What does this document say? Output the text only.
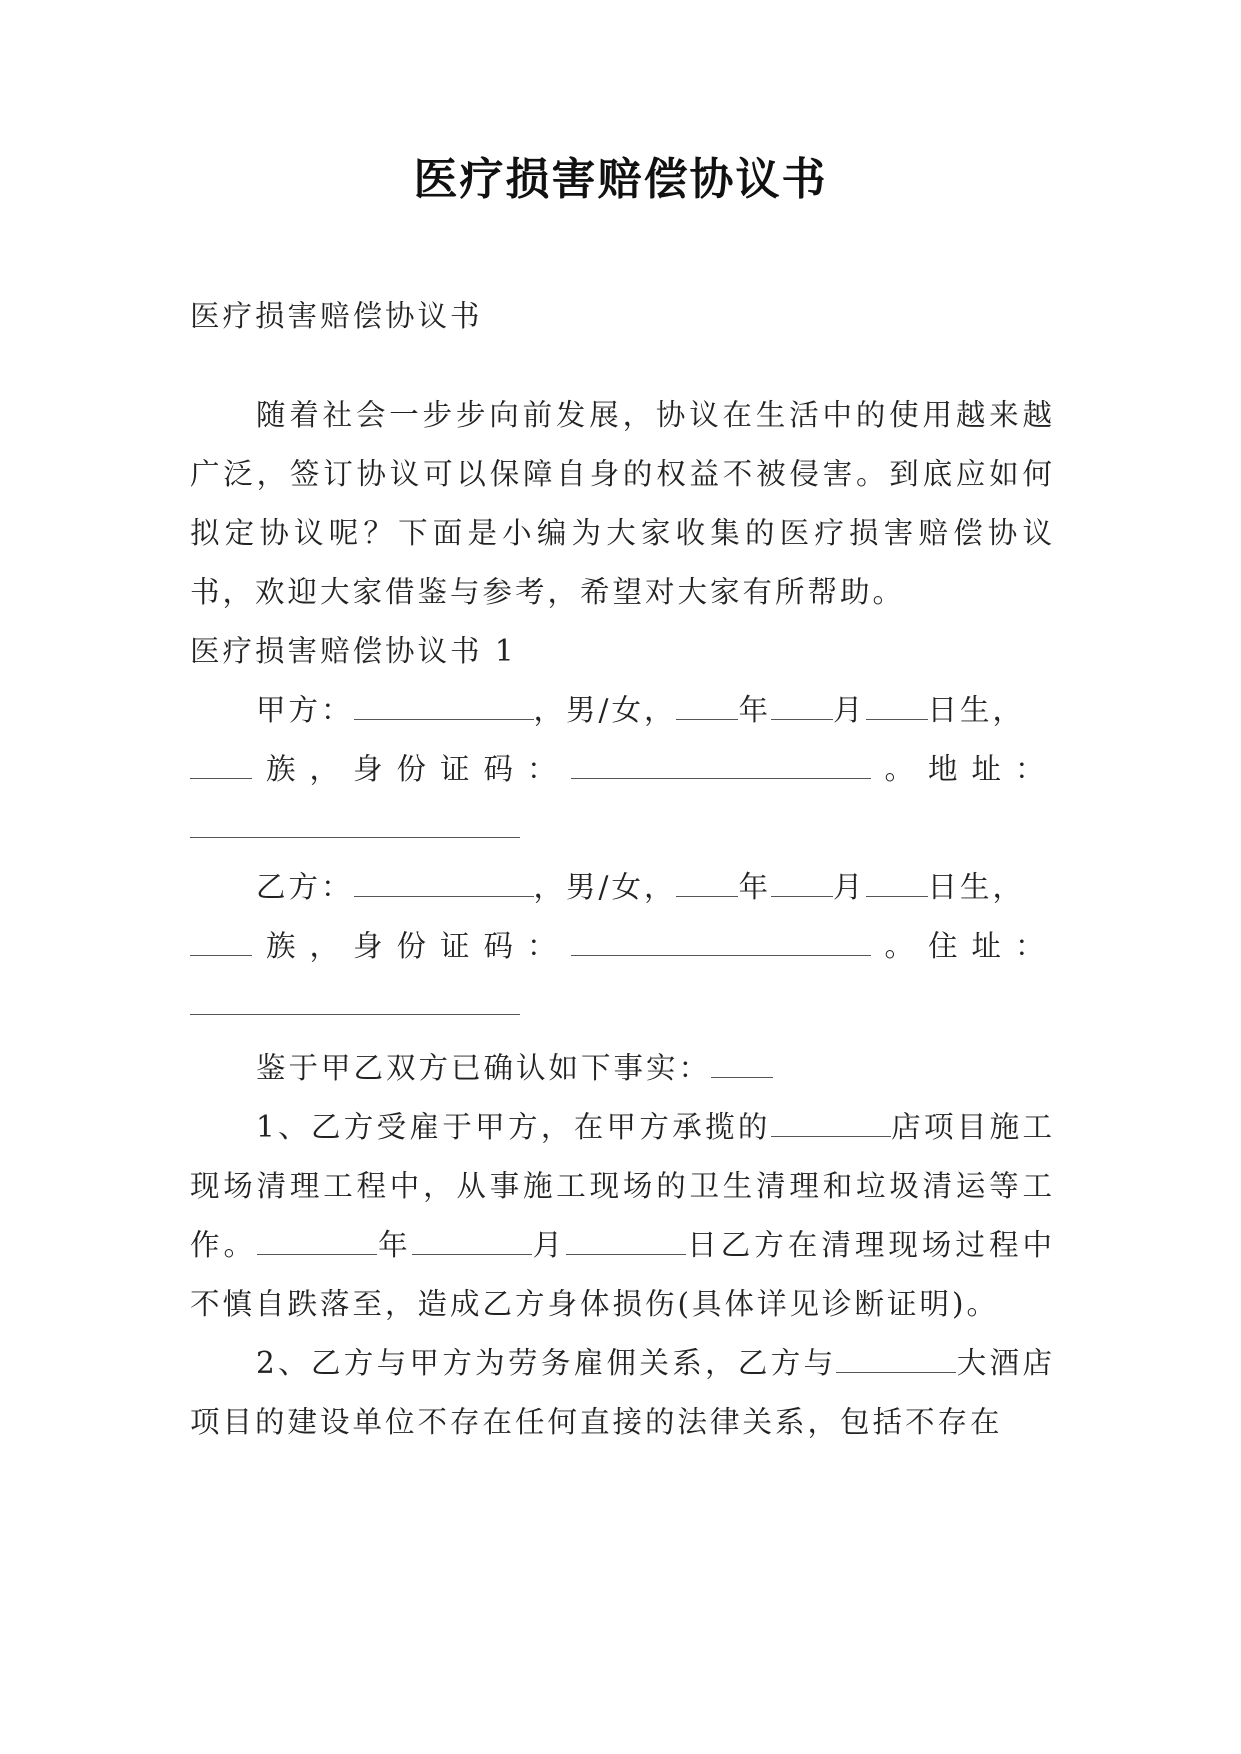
医疗损害赔偿协议书

医疗损害赔偿协议书

随着社会一步步向前发展，协议在生活中的使用越来越广泛，签订协议可以保障自身的权益不被侵害。到底应如何拟定协议呢？下面是小编为大家收集的医疗损害赔偿协议书，欢迎大家借鉴与参考，希望对大家有所帮助。

医疗损害赔偿协议书 1

甲方：	，男/女， 年 月 日生，
族，身份证码：	。地址：
乙方：	，男/女， 年 月 日生，
族，身份证码：	。住址：

鉴于甲乙双方已确认如下事实：

1、乙方受雇于甲方，在甲方承揽的	店项目施工现场清理工程中，从事施工现场的卫生清理和垃圾清运等工作。	年	月	日乙方在清理现场过程中不慎自跌落至，造成乙方身体损伤(具体详见诊断证明)。

2、乙方与甲方为劳务雇佣关系，乙方与	大酒店项目的建设单位不存在任何直接的法律关系，包括不存在
